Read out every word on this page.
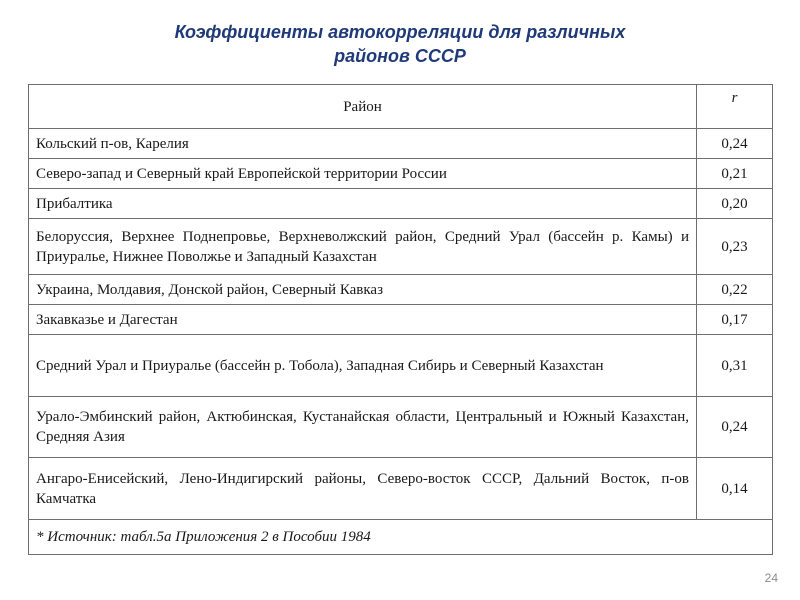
Коэффициенты автокорреляции для различных
районов СССР
Район	r
Кольский п-ов, Карелия	0,24
Северо-запад и Северный край Европейской территории России	0,21
Прибалтика	0,20
Белоруссия, Верхнее Поднепровье, Верхневолжский район, Средний Урал (бассейн р. Камы) и Приуралье, Нижнее Поволжье и Западный Казахстан	0,23
Украина, Молдавия, Донской район, Северный Кавказ	0,22
Закавказье и Дагестан	0,17
Средний Урал и Приуралье (бассейн р. Тобола), Западная Сибирь и Северный Казахстан	0,31
Урало-Эмбинский район, Актюбинская, Кустанайская области, Центральный и Южный Казахстан, Средняя Азия	0,24
Ангаро-Енисейский, Лено-Индигирский районы, Северо-восток СССР, Дальний Восток, п-ов Камчатка	0,14
* Источник: табл.5а Приложения 2 в Пособии 1984	
24
